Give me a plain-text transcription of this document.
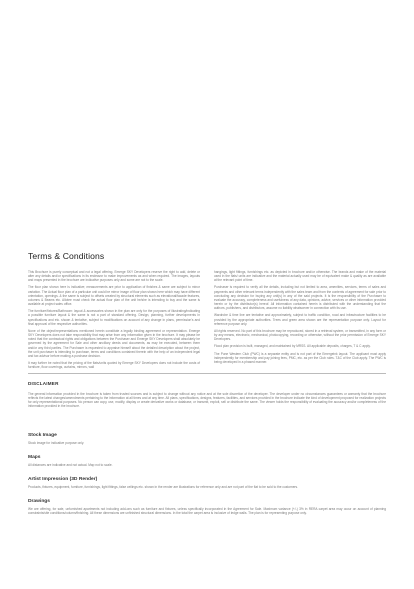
Terms & Conditions

This Brochure is purely conceptual and not a legal offering. Emerge SKY Developers reserve the right to add, delete or alter any details and/or specifications in its endeavor to make improvements as and when required. The images, layouts and maps presented in the brochure are indicative purposes only and some are not to the scale.

The floor plan shown here is indicative; measurements are prior to application of finishes & same are subject to minor variation. The Actual floor plan of a particular unit could be mirror image of floor plan shown here which may have different orientation, openings. & the same is subject to offsets created by structural elements such as elevational/facade features, columns & Beams etc. Allotee must check the actual floor plan of the unit he/she is intending to buy and the same is available at project sales office.

The furniture/fixtures/Bathroom: layout & accessories shown in the plan are only for the purposes of illustrating/indicating a possible furniture layout & the same is not a part of standard offering. Design, planning, further developments in specifications and etc. shown & tentative, subject to modifications on account of any change in plans, permission's and final approval of the respective authorities.

None of the object/representations mentioned herein constitute a legally binding agreement or representation. Emerge SKY Developers does not take responsibility that may arise from any information given in the brochure. It may please be noted that the contractual rights and obligations between the Purchaser and Emerge SKY Developers shall absolutely be governed by the agreement for Sale and other ancillary deeds and documents, as may be executed, between them and/or any third parties. The Purchaser is requested to appraise himself about the detailed description about the project, the unit purchaser is intending to purchase, terms and conditions contained therein with the help of an independent legal and tax advisor before making a purchase decision.

It may further be noted that the pricing of the flats/units quoted by Emerge SKY Developers does not include the costs of furniture, floor coverings, curtains, mirrors, wall

hangings, light fittings, furnishings etc. as depicted in brochure and/or otherwise. The brands and make of the material used in the flats/ units are indicative and the material actually used may be of equivalent make & quality as are available at the relevant point of time.

Purchaser is required to verify all the details, including but not limited to area, amenities, services, terms of sales and payments and other relevant terms independently with the sales team and from the contents of agreement for sale prior to concluding any decision for buying any unit(s) in any of the said projects. It is the responsibility of the Purchaser to evaluate the accuracy, completeness and usefulness of any data, opinions, advice, services or other information provided herein or by the distributor(s) hereof. All information contained herein is distributed with the understanding that the authors, publishers, and distributors, assume no liability whatsoever in connection with its use.

Wardrobe & time line are tentative and approximately, subject to traffic condition, road and infrastructure facilities to be provided by the appropriate authorities. Trees and green area shown are the representation purpose only. Layout for reference purpose only.

All rights reserved. No part of this brochure may be reproduced, stored in a retrieval system, or transmitted, in any form or by any means, electronic, mechanical, photocopying, recording or otherwise, without the prior permission of Emerge SKY Developers.

Flood plan provision is built, managed, and maintained by MRSS. All applicable deposits, charges, T & C apply.

The Pune Western Club (PWC) is a separate entity and is not part of the Emergeink layout. The applicant must apply independently for membership and pay joining fees, PMC, etc. as per the Club rules. T&C of the Club apply. The PWC is being developed in a phased manner.

DISCLAIMER

The general information provided in the brochure is taken from trusted sources and is subject to change without any notice and at the sole discretion of the developer. The developer under no circumstances guarantees or warranty that the brochure reflects the latest changes/amendments pertaining to the information at all times and at any time. All plans, specifications, designs, features, facilities, and services provided in the brochure indicate the kind of development proposed for realization projects for only representational purposes. No person can copy, use, modify, display or create derivative works or database, or transmit, exploit, sell or distribute the same. The viewer holds the responsibility of evaluating the accuracy and/or completeness of the information provided in the brochure.

Stock Image

Stock image for indicative purpose only.

Maps

All distances are indicative and not actual. Map not to scale.

Artist Impression (3D Render)

Products, fixtures, equipment, furniture, furnishings, light fittings, false ceilings etc. shown in the render are illustrations for reference only and are not part of the flat to be sold to the customers.

Drawings

We are offering, for sale, unfurnished apartments not including add-ons such as furniture and fixtures, unless specifically incorporated in the Agreement for Sale. Maximum variance (+/-) 3% in RERA carpet area may occur on account of planning constraints/site conditions/column/finishing. All these dimensions are unfinished structural dimensions. In the total the carpet area is inclusive of ledge walls. The plan is for representing purpose only.
